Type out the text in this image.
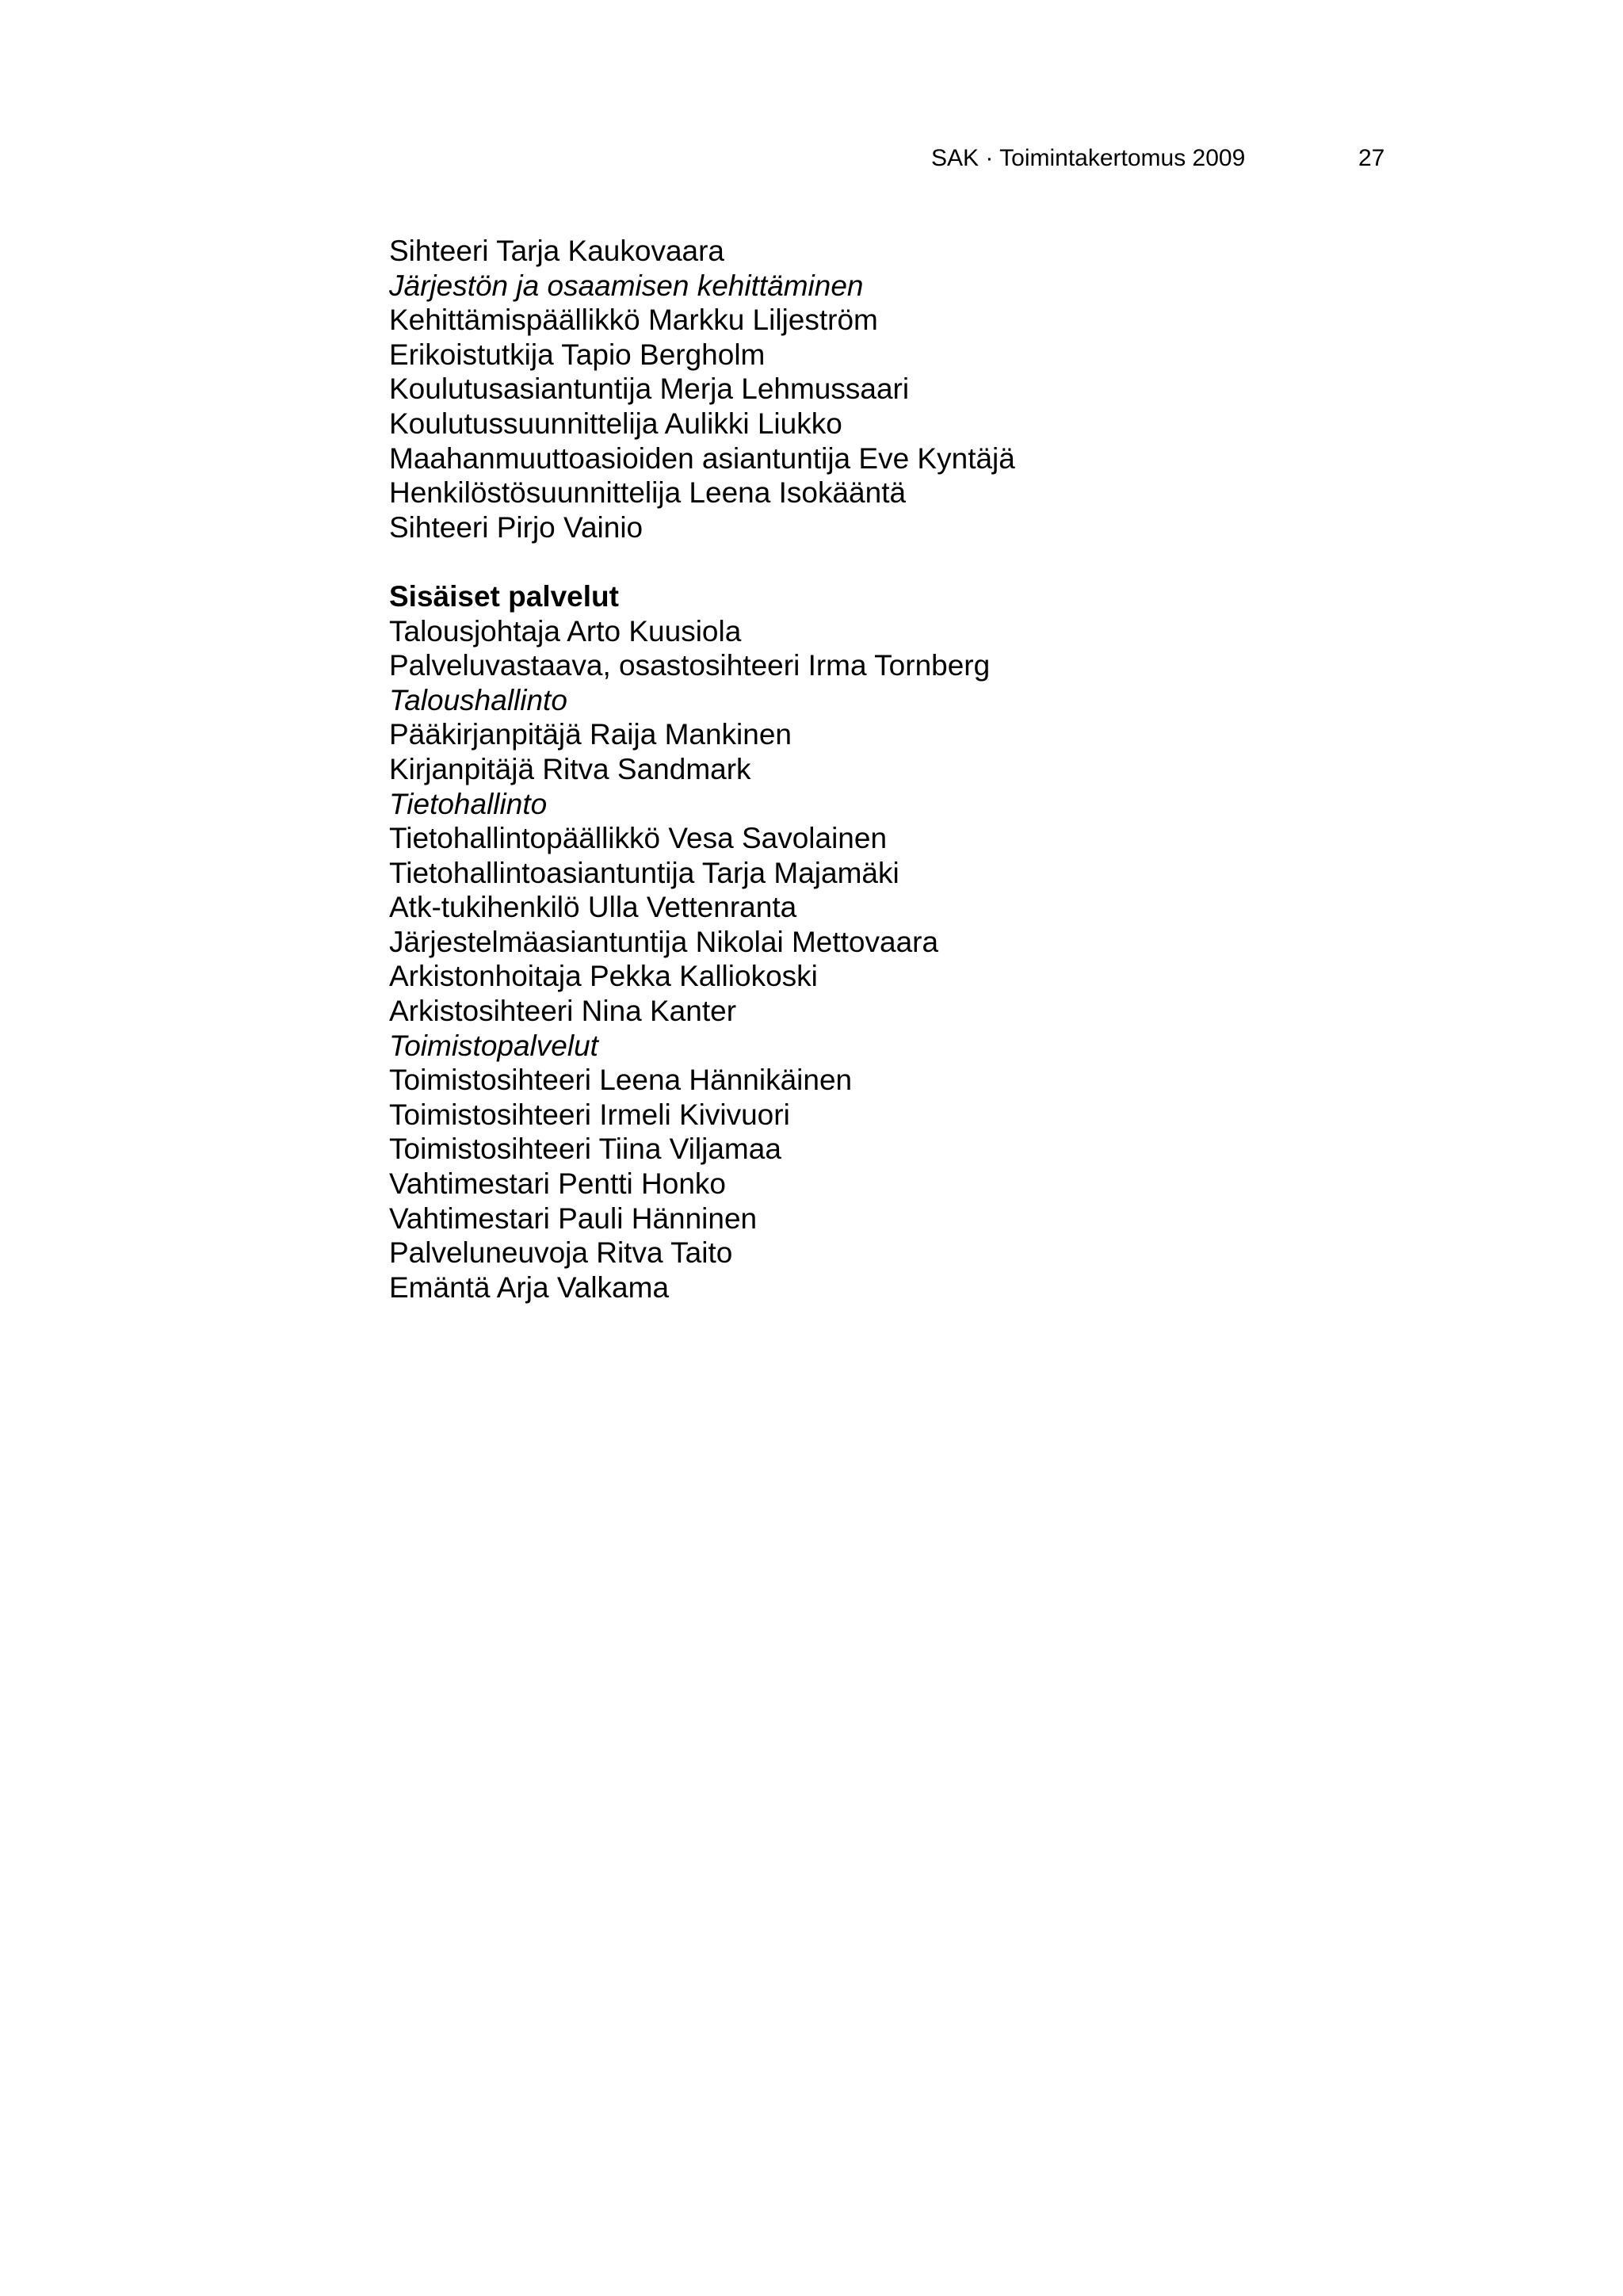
SAK · Toimintakertomus 2009	27
Sihteeri Tarja Kaukovaara
Järjestön ja osaamisen kehittäminen
Kehittämispäällikkö Markku Liljeström
Erikoistutkija Tapio Bergholm
Koulutusasiantuntija Merja Lehmussaari
Koulutussuunnittelija Aulikki Liukko
Maahanmuuttoasioiden asiantuntija Eve Kyntäjä
Henkilöstösuunnittelija Leena Isokääntä
Sihteeri Pirjo Vainio
Sisäiset palvelut
Talousjohtaja Arto Kuusiola
Palveluvastaava, osastosihteeri Irma Tornberg
Taloushallinto
Pääkirjanpitäjä Raija Mankinen
Kirjanpitäjä Ritva Sandmark
Tietohallinto
Tietohallintopäällikkö Vesa Savolainen
Tietohallintoasiantuntija Tarja Majamäki
Atk-tukihenkilö Ulla Vettenranta
Järjestelmäasiantuntija Nikolai Mettovaara
Arkistonhoitaja Pekka Kalliokoski
Arkistosihteeri Nina Kanter
Toimistopalvelut
Toimistosihteeri Leena Hännikäinen
Toimistosihteeri Irmeli Kivivuori
Toimistosihteeri Tiina Viljamaa
Vahtimestari Pentti Honko
Vahtimestari Pauli Hänninen
Palveluneuvoja Ritva Taito
Emäntä Arja Valkama
